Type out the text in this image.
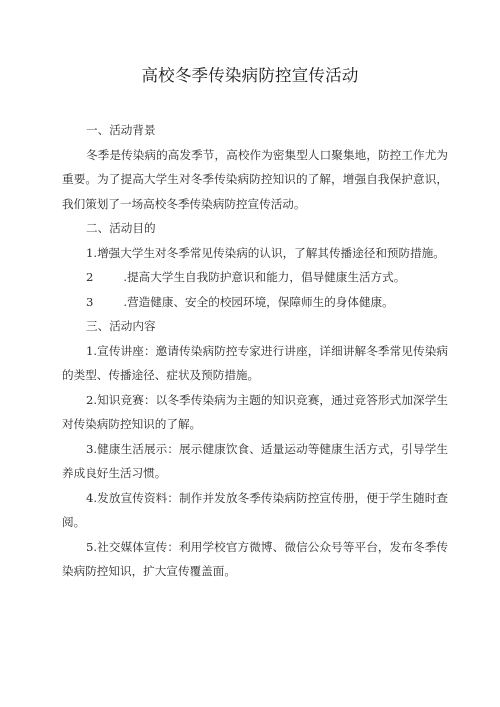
高校冬季传染病防控宣传活动

一、活动背景

冬季是传染病的高发季节，高校作为密集型人口聚集地，防控工作尤为重要。为了提高大学生对冬季传染病防控知识的了解，增强自我保护意识，我们策划了一场高校冬季传染病防控宣传活动。

二、活动目的

1.增强大学生对冬季常见传染病的认识，了解其传播途径和预防措施。

2	.提高大学生自我防护意识和能力，倡导健康生活方式。

3	.营造健康、安全的校园环境，保障师生的身体健康。

三、活动内容

1.宣传讲座：邀请传染病防控专家进行讲座，详细讲解冬季常见传染病的类型、传播途径、症状及预防措施。

2.知识竞赛：以冬季传染病为主题的知识竞赛，通过竞答形式加深学生对传染病防控知识的了解。

3.健康生活展示：展示健康饮食、适量运动等健康生活方式，引导学生养成良好生活习惯。

4.发放宣传资料：制作并发放冬季传染病防控宣传册，便于学生随时查阅。

5.社交媒体宣传：利用学校官方微博、微信公众号等平台，发布冬季传染病防控知识，扩大宣传覆盖面。
